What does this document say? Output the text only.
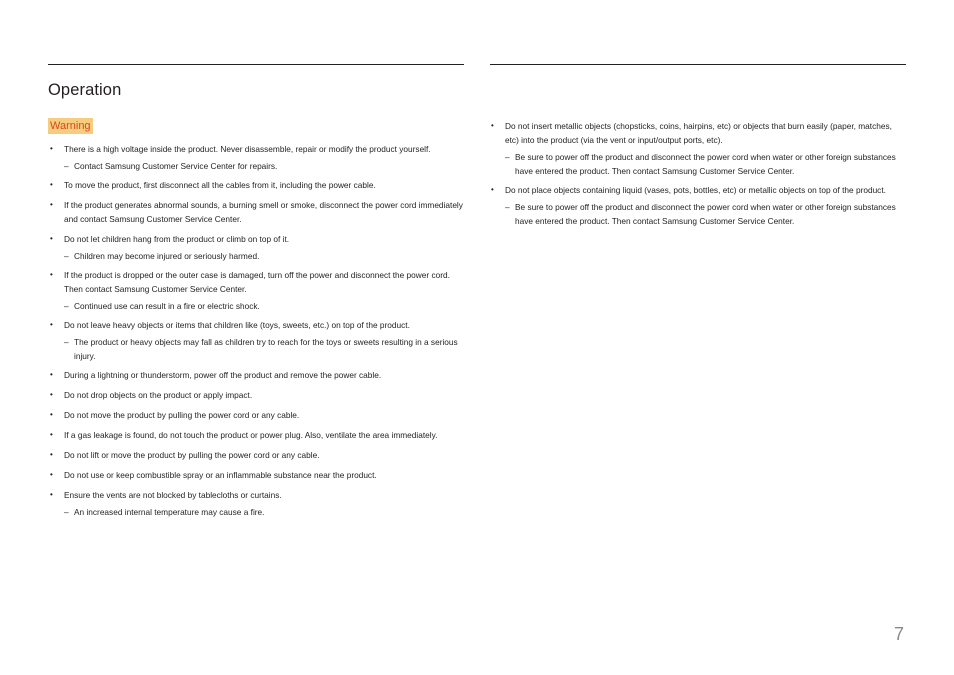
Operation
Warning
• There is a high voltage inside the product. Never disassemble, repair or modify the product yourself.
– Contact Samsung Customer Service Center for repairs.
• To move the product, first disconnect all the cables from it, including the power cable.
• If the product generates abnormal sounds, a burning smell or smoke, disconnect the power cord immediately and contact Samsung Customer Service Center.
• Do not let children hang from the product or climb on top of it.
– Children may become injured or seriously harmed.
• If the product is dropped or the outer case is damaged, turn off the power and disconnect the power cord. Then contact Samsung Customer Service Center.
– Continued use can result in a fire or electric shock.
• Do not leave heavy objects or items that children like (toys, sweets, etc.) on top of the product.
– The product or heavy objects may fall as children try to reach for the toys or sweets resulting in a serious injury.
• During a lightning or thunderstorm, power off the product and remove the power cable.
• Do not drop objects on the product or apply impact.
• Do not move the product by pulling the power cord or any cable.
• If a gas leakage is found, do not touch the product or power plug. Also, ventilate the area immediately.
• Do not lift or move the product by pulling the power cord or any cable.
• Do not use or keep combustible spray or an inflammable substance near the product.
• Ensure the vents are not blocked by tablecloths or curtains.
– An increased internal temperature may cause a fire.
• Do not insert metallic objects (chopsticks, coins, hairpins, etc) or objects that burn easily (paper, matches, etc) into the product (via the vent or input/output ports, etc).
– Be sure to power off the product and disconnect the power cord when water or other foreign substances have entered the product. Then contact Samsung Customer Service Center.
• Do not place objects containing liquid (vases, pots, bottles, etc) or metallic objects on top of the product.
– Be sure to power off the product and disconnect the power cord when water or other foreign substances have entered the product. Then contact Samsung Customer Service Center.
7
